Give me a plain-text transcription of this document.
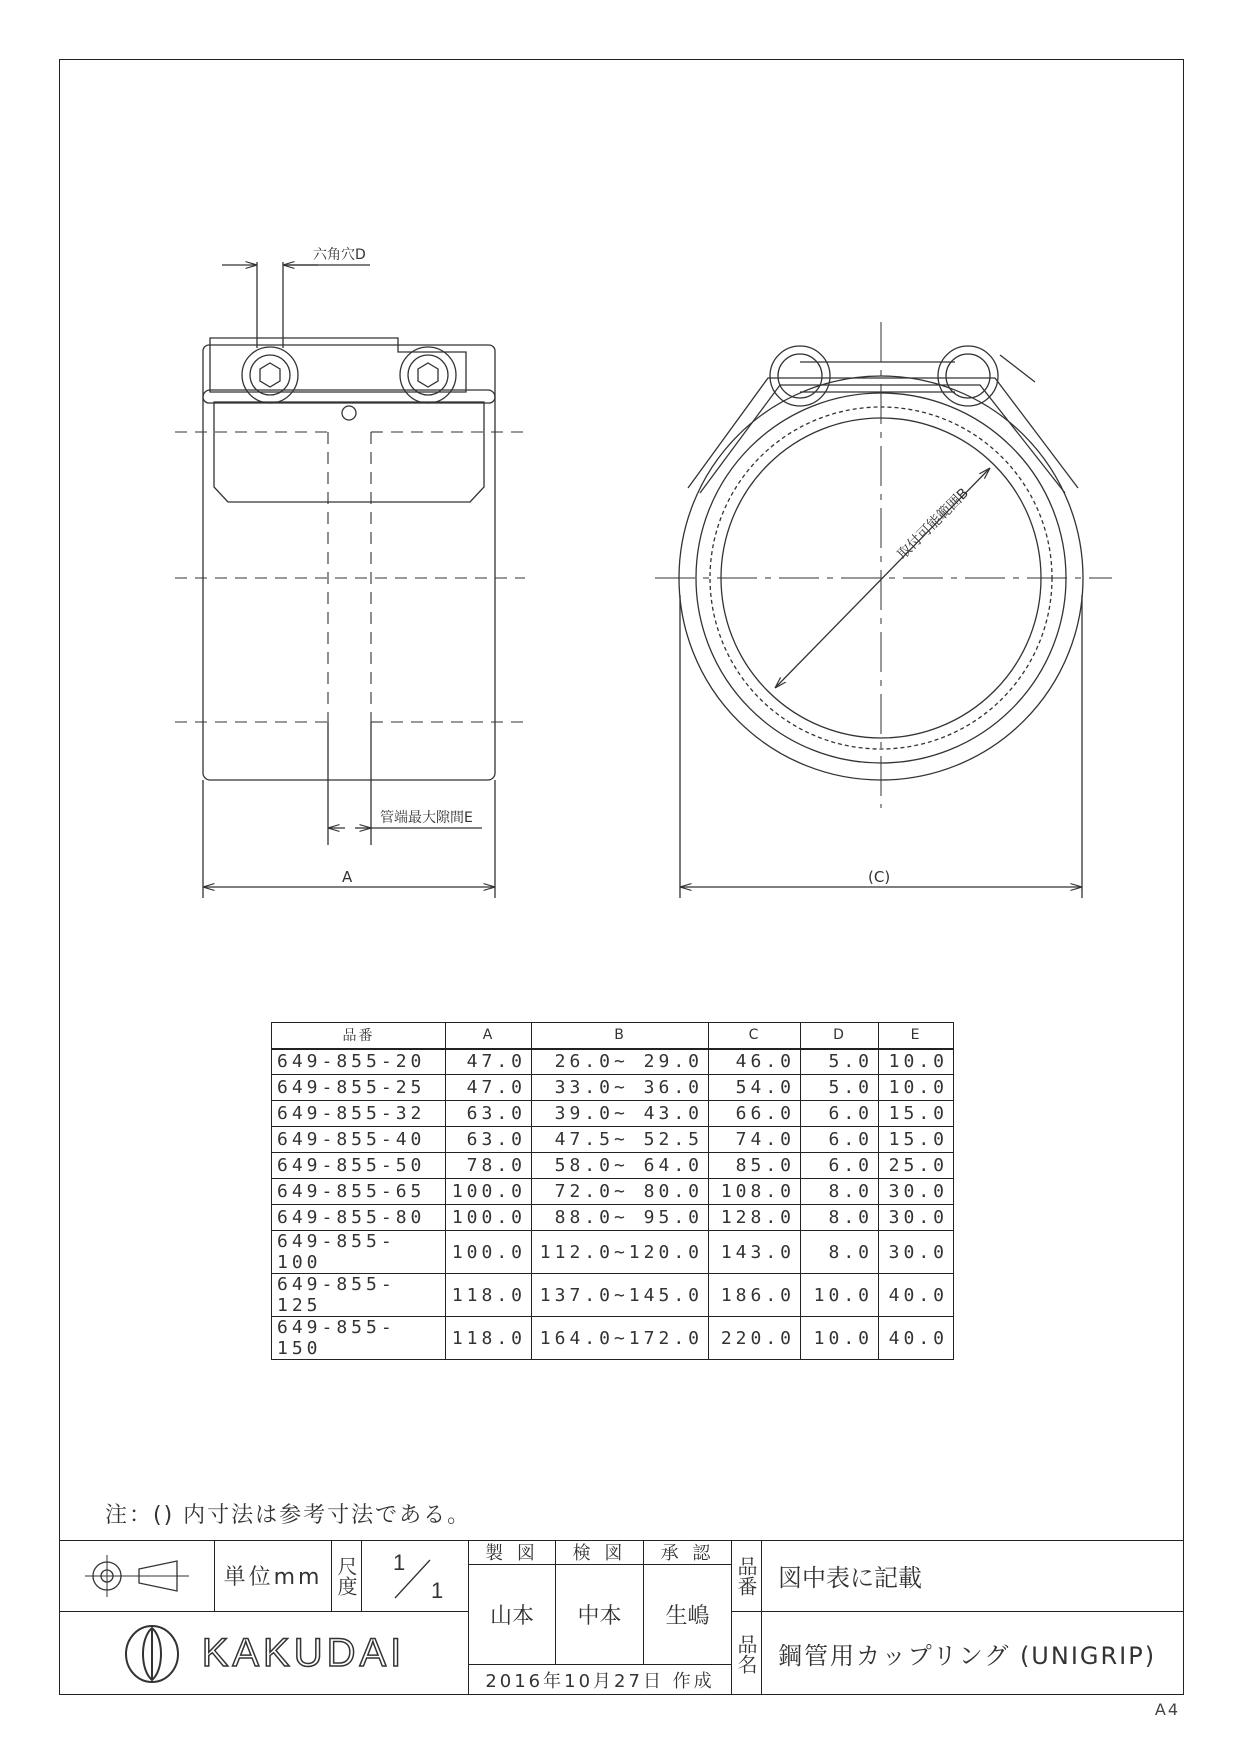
六角穴D
管端最大隙間E
A
取付可能範囲B
(C)
品番	A	B	C	D	E
649-855-20	47.0	26.0~ 29.0	46.0	5.0	10.0
649-855-25	47.0	33.0~ 36.0	54.0	5.0	10.0
649-855-32	63.0	39.0~ 43.0	66.0	6.0	15.0
649-855-40	63.0	47.5~ 52.5	74.0	6.0	15.0
649-855-50	78.0	58.0~ 64.0	85.0	6.0	25.0
649-855-65	100.0	72.0~ 80.0	108.0	8.0	30.0
649-855-80	100.0	88.0~ 95.0	128.0	8.0	30.0
649-855-100	100.0	112.0~120.0	143.0	8.0	30.0
649-855-125	118.0	137.0~145.0	186.0	10.0	40.0
649-855-150	118.0	164.0~172.0	220.0	10.0	40.0
注：() 内寸法は参考寸法である。
単位mm 尺度 1
1
製 図	検 図	承 認
山本	中本	生嶋
2016年10月27日 作成
品番 図中表に記載
品名 鋼管用カップリング (UNIGRIP)
KAKUDAI
A4
